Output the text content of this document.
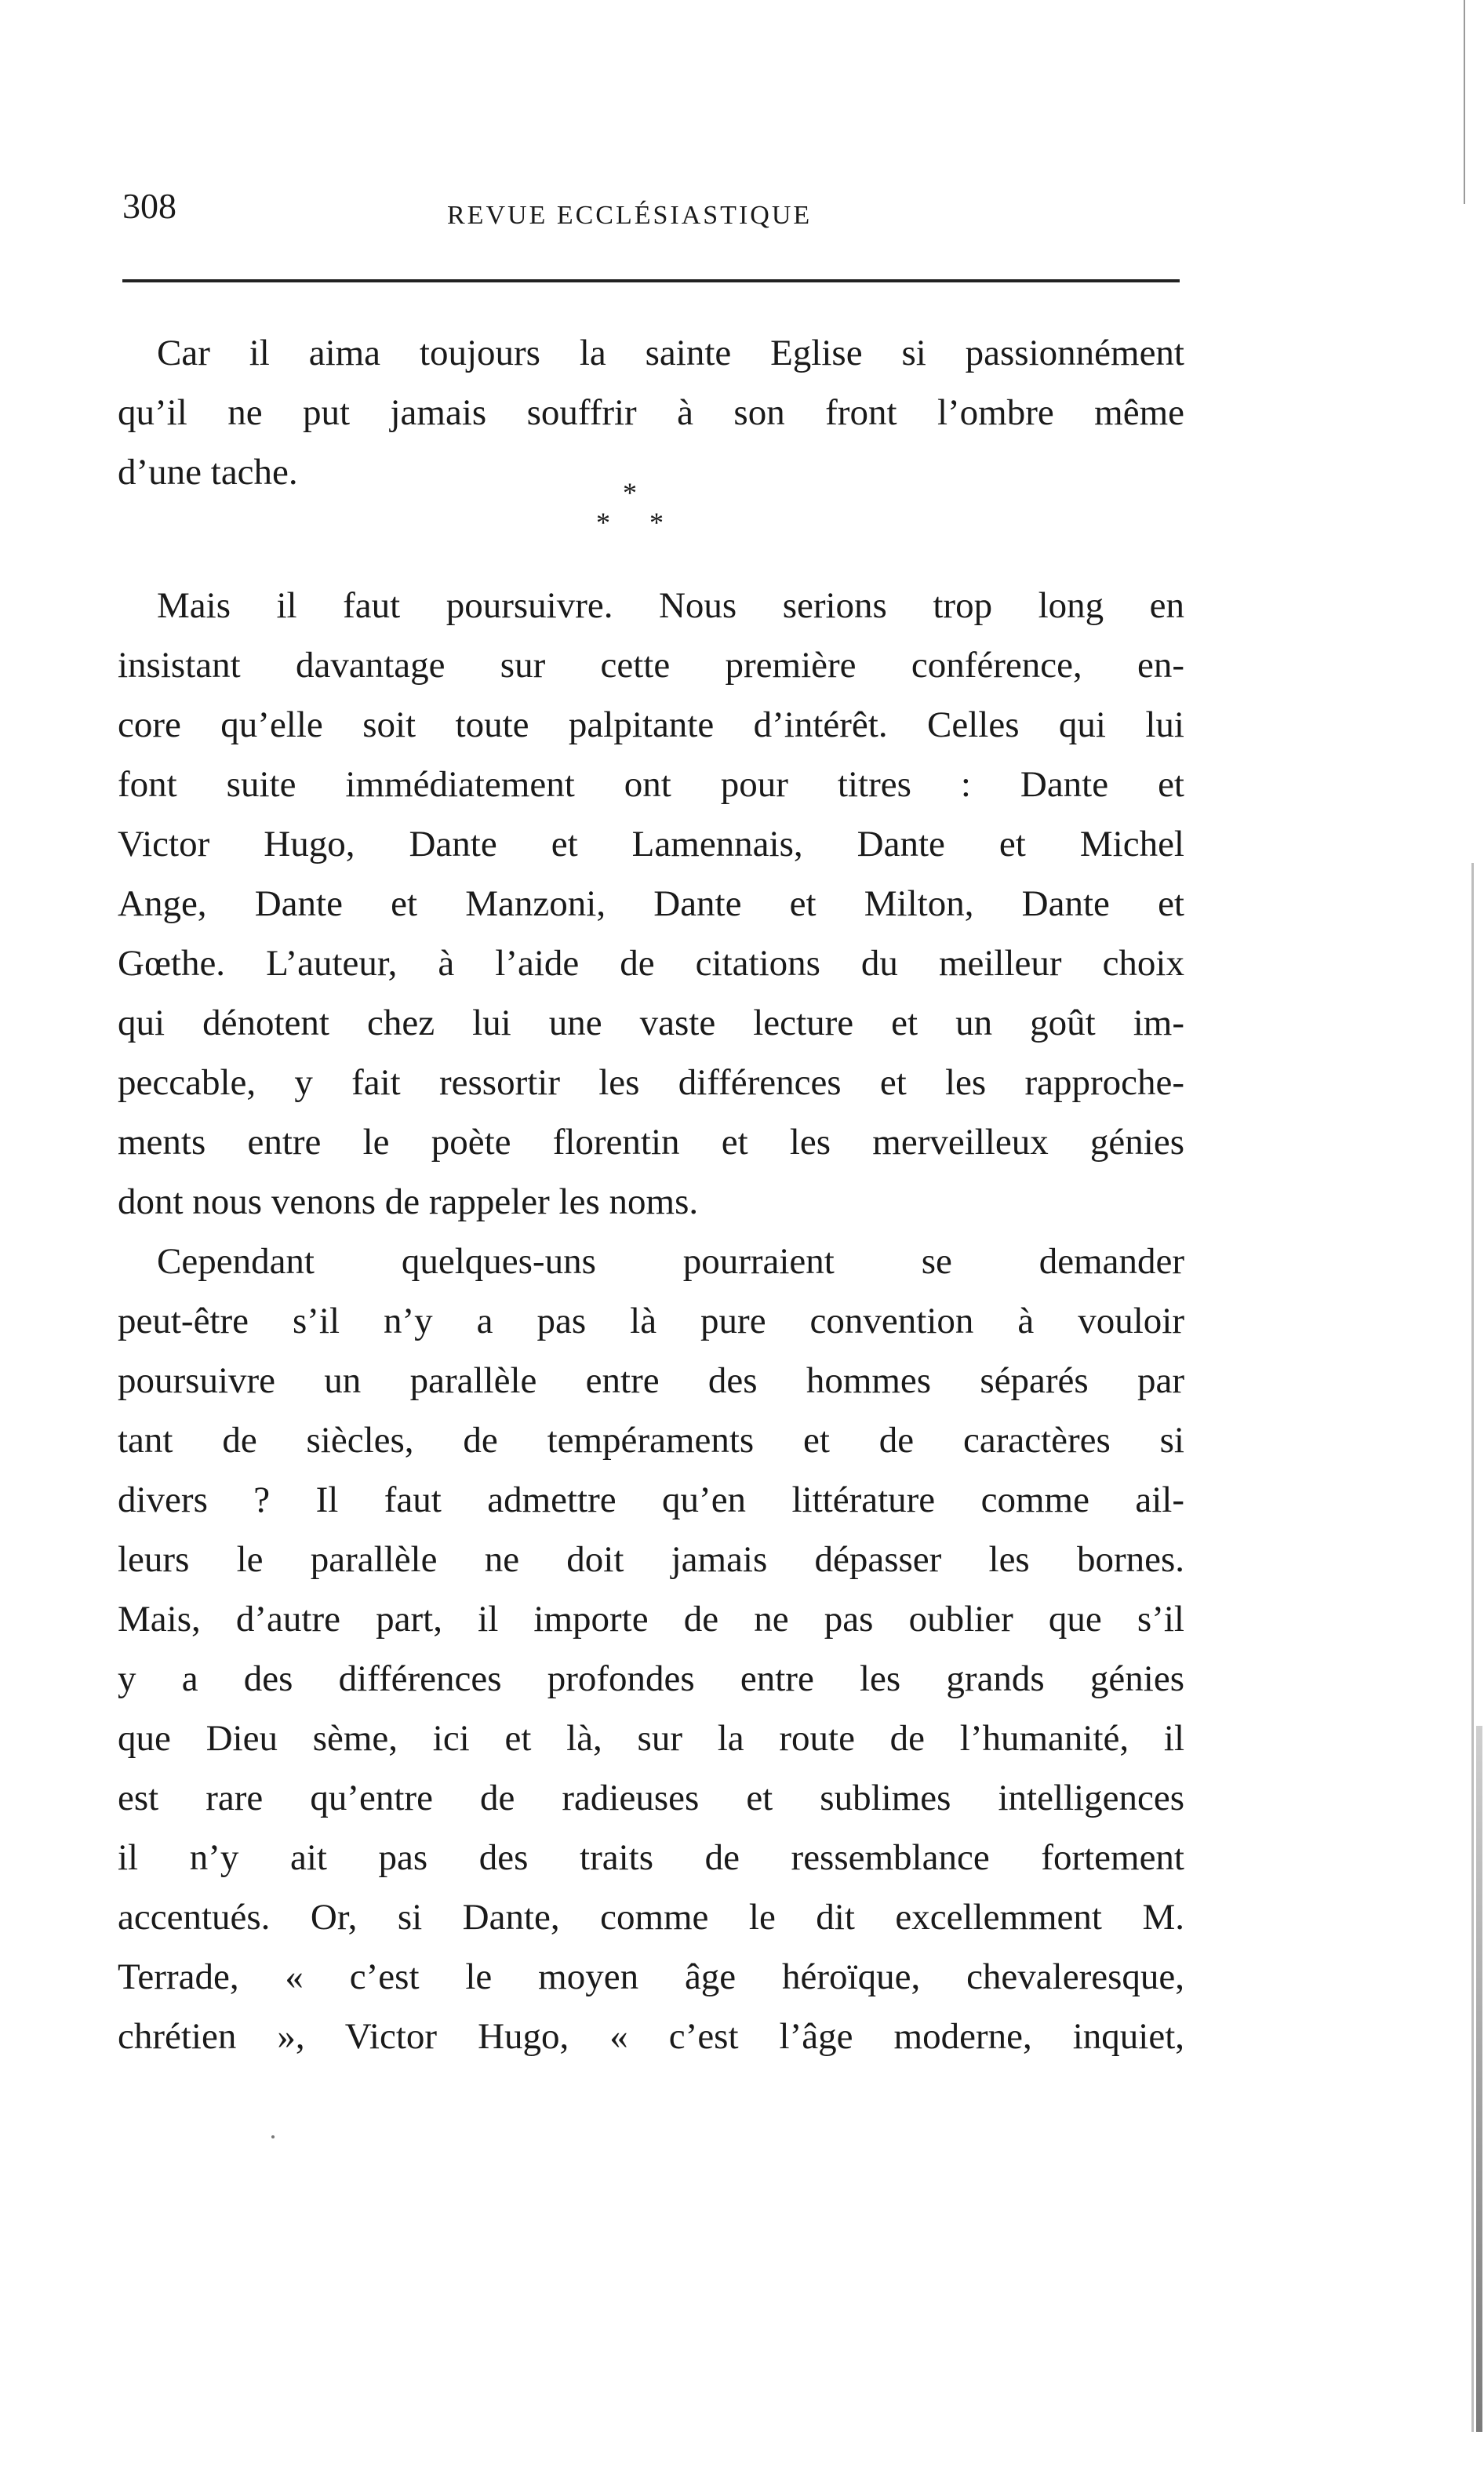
308	REVUE ECCLÉSIASTIQUE
Car il aima toujours la sainte Eglise si passionnément
qu’il ne put jamais souffrir à son front l’ombre même
d’une tache.	*
* *
Mais il faut poursuivre. Nous serions trop long en
insistant davantage sur cette première conférence, en-
core qu’elle soit toute palpitante d’intérêt. Celles qui lui
font suite immédiatement ont pour titres : Dante et
Victor Hugo, Dante et Lamennais, Dante et Michel
Ange, Dante et Manzoni, Dante et Milton, Dante et
Gœthe. L’auteur, à l’aide de citations du meilleur choix
qui dénotent chez lui une vaste lecture et un goût im-
peccable, y fait ressortir les différences et les rapproche-
ments entre le poète florentin et les merveilleux génies
dont nous venons de rappeler les noms.
Cependant quelques-uns pourraient se demander
peut-être s’il n’y a pas là pure convention à vouloir
poursuivre un parallèle entre des hommes séparés par
tant de siècles, de tempéraments et de caractères si
divers ? Il faut admettre qu’en littérature comme ail-
leurs le parallèle ne doit jamais dépasser les bornes.
Mais, d’autre part, il importe de ne pas oublier que s’il
y a des différences profondes entre les grands génies
que Dieu sème, ici et là, sur la route de l’humanité, il
est rare qu’entre de radieuses et sublimes intelligences
il n’y ait pas des traits de ressemblance fortement
accentués. Or, si Dante, comme le dit excellemment M.
Terrade, « c’est le moyen âge héroïque, chevaleresque,
chrétien », Victor Hugo, « c’est l’âge moderne, inquiet,
